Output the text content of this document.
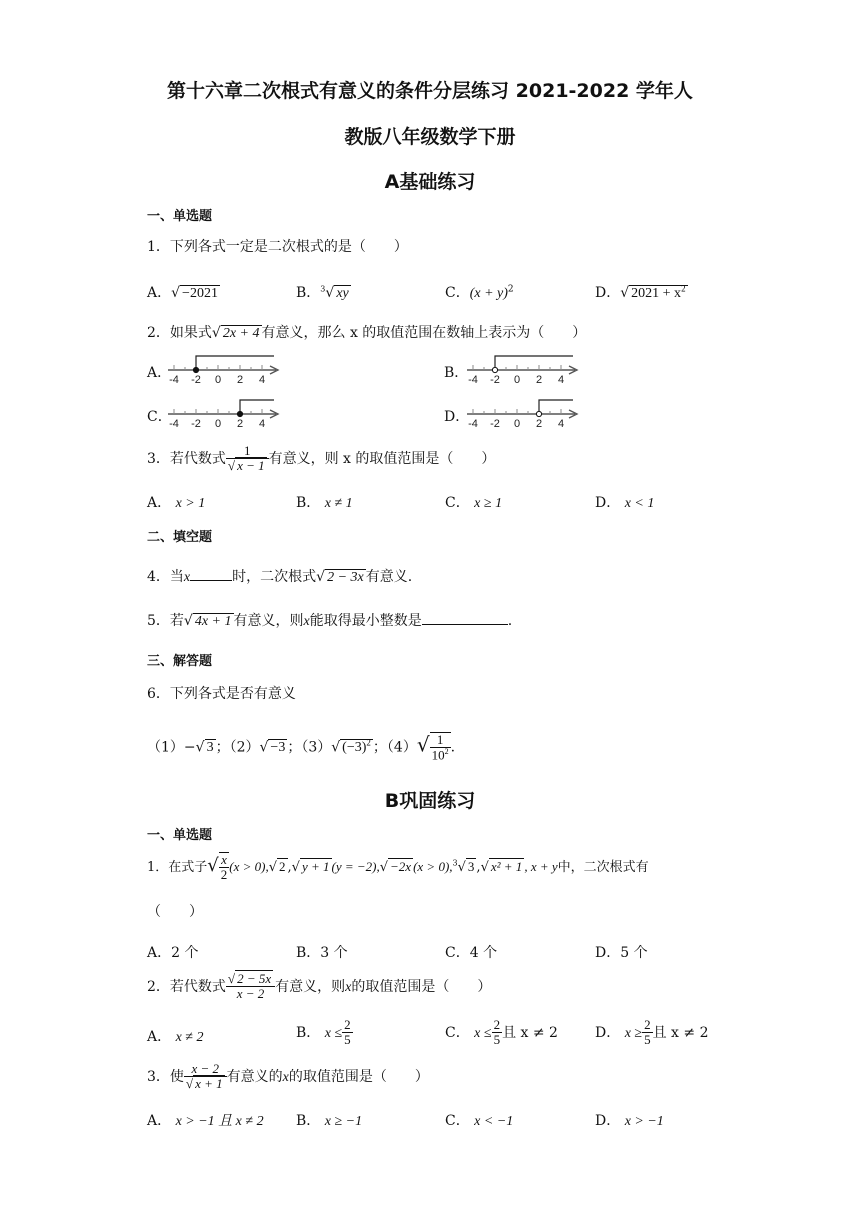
第十六章二次根式有意义的条件分层练习 2021-2022 学年人
教版八年级数学下册
A基础练习
一、单选题
1．下列各式一定是二次根式的是（　　）
A．√ −2021	B．$^3$√ xy	C．$(x + y)^2$	D．√ $2021 + x^2$
2．如果式√ 2x + 4 有意义，那么 x 的取值范围在数轴上表示为（　　）
A．	B．
C．	D．
-4 -2 0 2 4	-4 -2 0 2 4
-4 -2 0 2 4	-4 -2 0 2 4
3．若代数式 $\frac{1}{√ x - 1}$ 有意义，则 x 的取值范围是（　　）
A． x > 1	B． x ≠ 1	C． x ≥ 1	D． x < 1
二、填空题
4．当x	时，二次根式√ 2 − 3x 有意义.
5．若√ 4x + 1 有意义，则x能取得最小整数是	.
三、解答题
6．下列各式是否有意义
（1）−√ 3 ；（2）√ −3 ；（3）√ $(-3)^2$ ；$(4)√ \frac{1}{10^2}$ .
B巩固练习
一、单选题
1．在式子√ $\frac{x}{2} (x > 0),√$ 2 ,√ y + 1 (y = −2),√ −2x (x > 0),$^3$√ 3 ,√ x² + 1 , x + y中，二次根式有
（　　）
A．2 个	B．3 个	C．4 个	D．5 个
2．若代数式 $\frac{√ 2 - 5x}{x - 2}$ 有意义，则x的取值范围是（　　）
A． x ≠ 2	B． $x \le \frac{2}{5}$	C． $x \le \frac{2}{5}$ 且 x ≠ 2	D． $x \ge \frac{2}{5}$ 且 x ≠ 2
3．使 $\frac{x - 2}{√ x + 1}$ 有意义的x的取值范围是（　　）
A． x > −1 且 x ≠ 2 B． x ≥ −1	C． x < −1	D． x > −1
